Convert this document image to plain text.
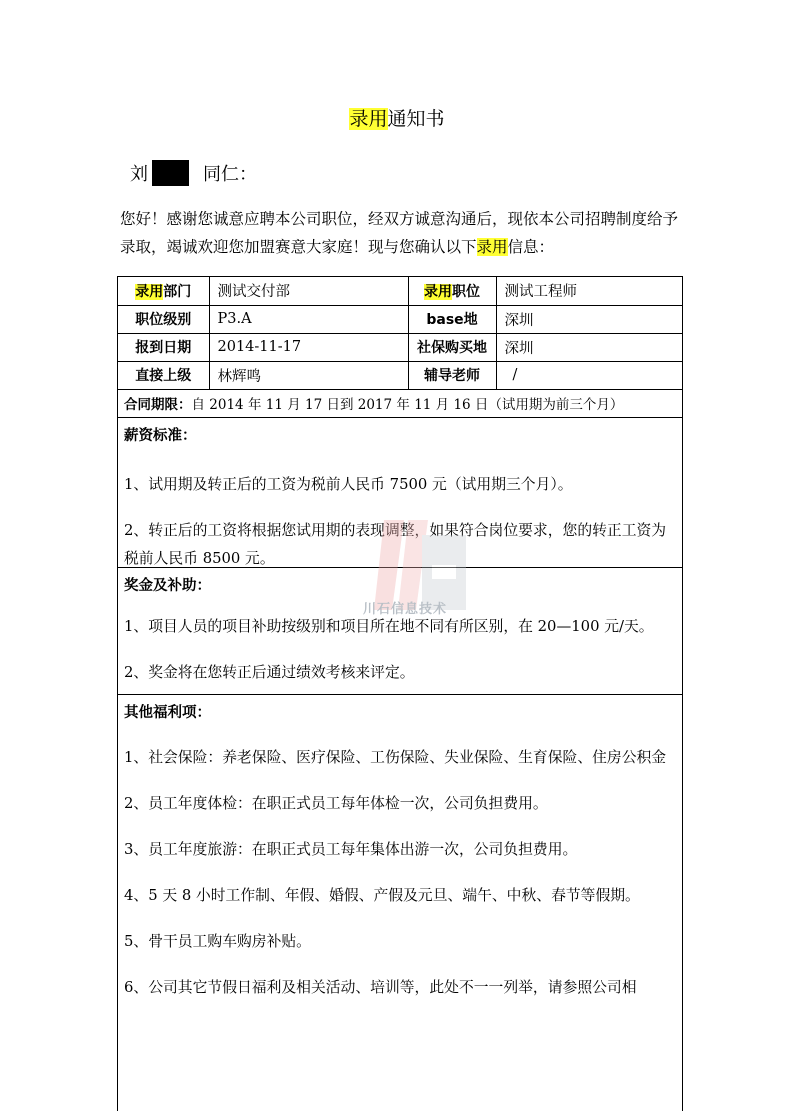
录用通知书
刘	同仁：
您好！感谢您诚意应聘本公司职位，经双方诚意沟通后，现依本公司招聘制度给予录取，竭诚欢迎您加盟赛意大家庭！现与您确认以下录用信息：
录用部门	测试交付部	录用职位	测试工程师
职位级别	P3.A	base地	深圳
报到日期	2014-11-17	社保购买地	深圳
直接上级	林辉鸣	辅导老师	/
合同期限： 自 2014 年 11 月 17 日到 2017 年 11 月 16 日（试用期为前三个月）

薪资标准：

1、试用期及转正后的工资为税前人民币 7500 元（试用期三个月）。

2、转正后的工资将根据您试用期的表现调整，如果符合岗位要求，您的转正工资为税前人民币 8500 元。

奖金及补助：

1、项目人员的项目补助按级别和项目所在地不同有所区别，在 20—100 元/天。

2、奖金将在您转正后通过绩效考核来评定。

其他福利项：

1、社会保险：养老保险、医疗保险、工伤保险、失业保险、生育保险、住房公积金

2、员工年度体检：在职正式员工每年体检一次，公司负担费用。

3、员工年度旅游：在职正式员工每年集体出游一次，公司负担费用。

4、5 天 8 小时工作制、年假、婚假、产假及元旦、端午、中秋、春节等假期。

5、骨干员工购车购房补贴。

6、公司其它节假日福利及相关活动、培训等，此处不一一列举，请参照公司相

川石信息技术
